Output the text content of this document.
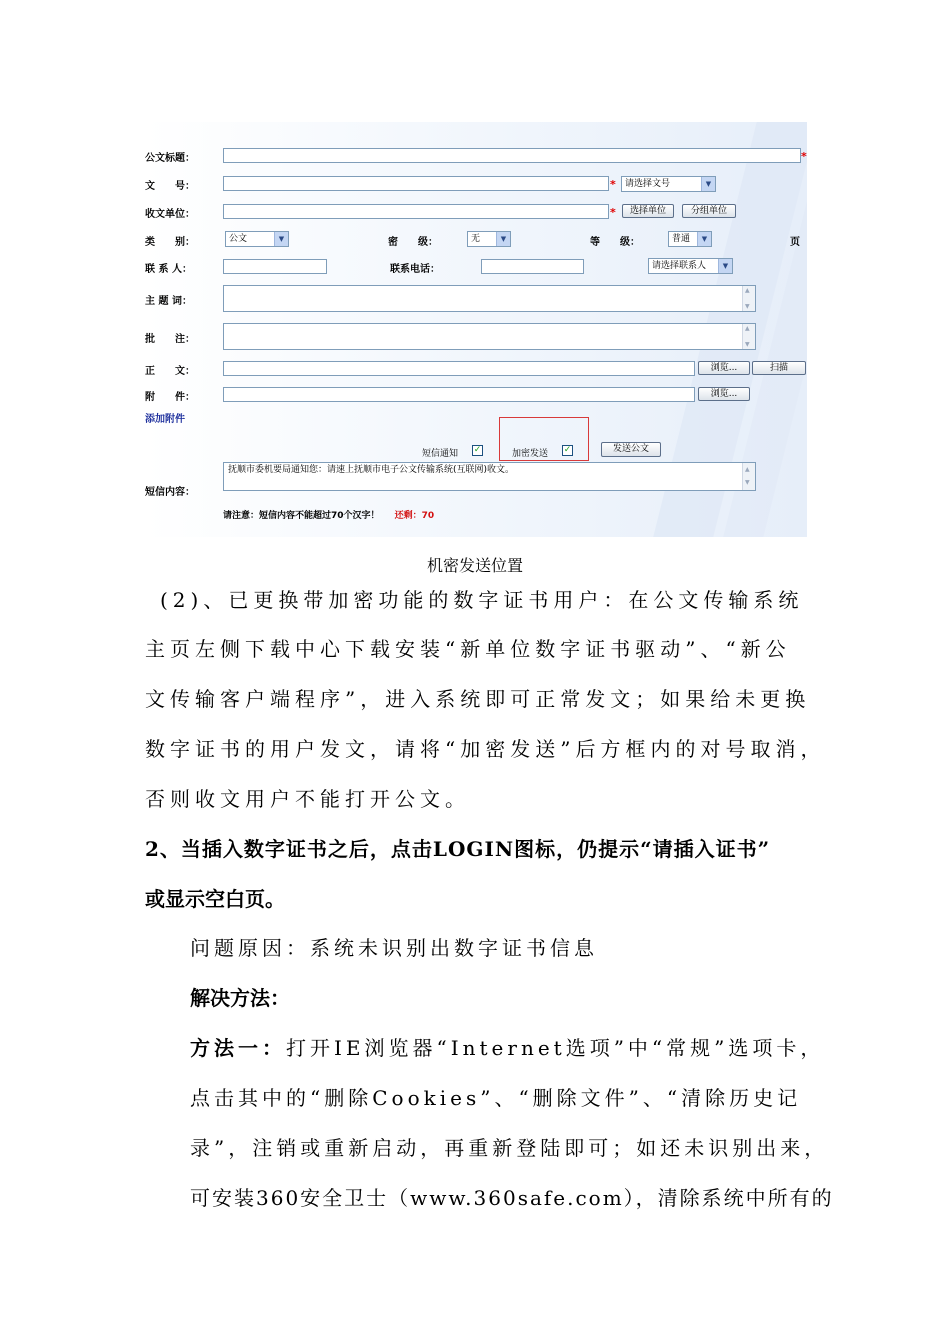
公文标题：	*
文　　号：	*	请选择文号	▼
收文单位：	*	选择单位	分组单位
类　　别：	公文	▼	密　　级：	无	▼	等　　级：	普通	▼	页
联 系 人：	联系电话：	请选择联系人	▼
主 题 词：
▲ ▼
批　　注：
▲ ▼
正　　文：	浏览...	扫描
附　　件：	浏览...
添加附件
短信通知 ✓	加密发送 ✓	发送公文
抚顺市委机要局通知您：请速上抚顺市电子公文传输系统(互联网)收文。
▲ ▼
短信内容：
请注意：短信内容不能超过70个汉字！ 还剩：70
机密发送位置
(2)、已更换带加密功能的数字证书用户：在公文传输系统
主页左侧下载中心下载安装“新单位数字证书驱动”、“新公
文传输客户端程序”，进入系统即可正常发文；如果给未更换
数字证书的用户发文，请将“加密发送”后方框内的对号取消，
否则收文用户不能打开公文。
2、当插入数字证书之后，点击LOGIN图标，仍提示“请插入证书”
或显示空白页。
问题原因：系统未识别出数字证书信息
解决方法：
方法一：打开IE浏览器“Internet选项”中“常规”选项卡，
点击其中的“删除Cookies”、“删除文件”、“清除历史记
录”，注销或重新启动，再重新登陆即可；如还未识别出来，
可安装360安全卫士（www.360safe.com），清除系统中所有的
